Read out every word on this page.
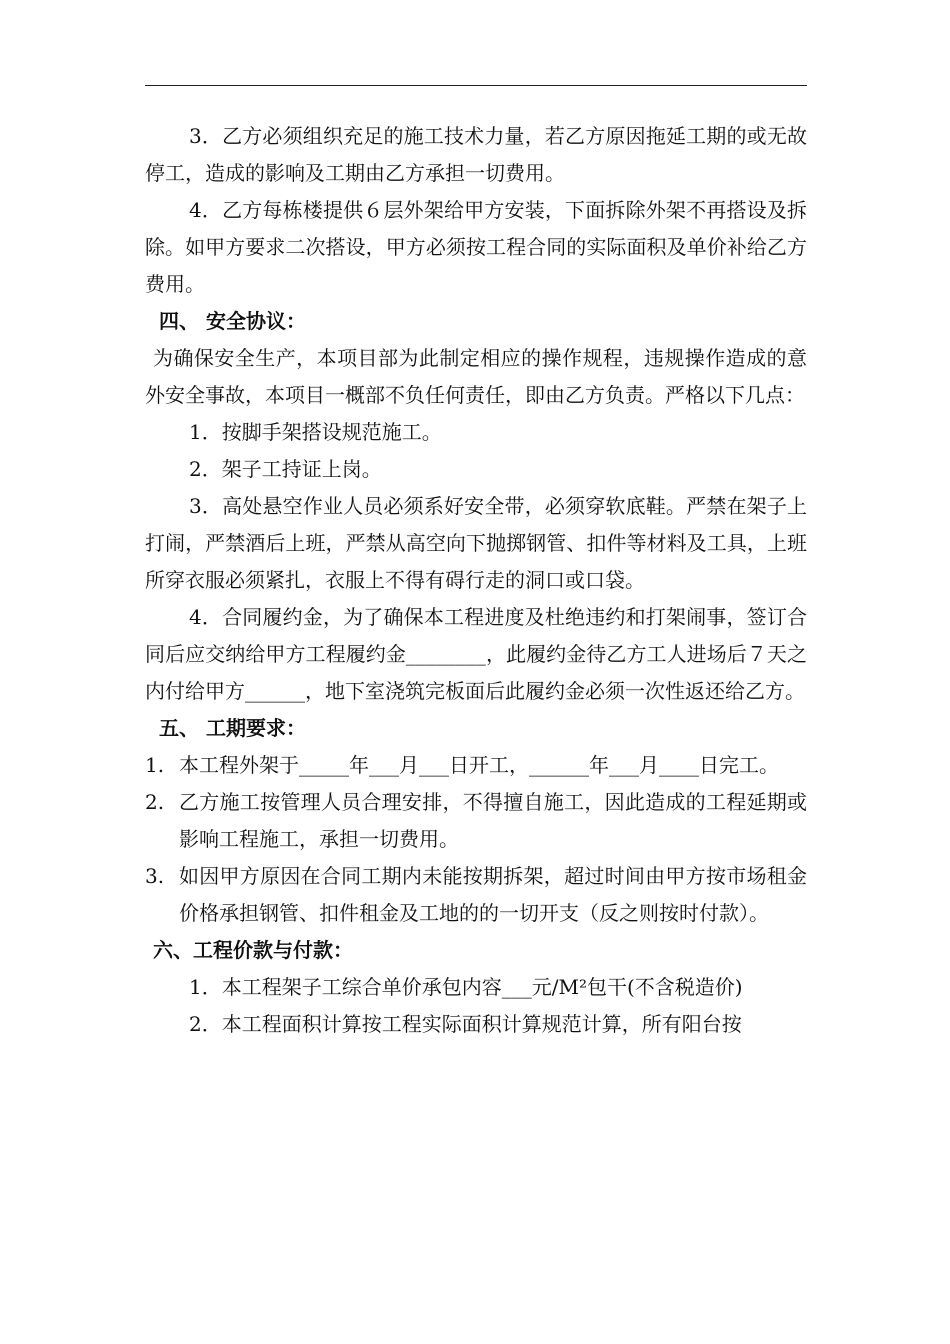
3．乙方必须组织充足的施工技术力量，若乙方原因拖延工期的或无故停工，造成的影响及工期由乙方承担一切费用。

4．乙方每栋楼提供６层外架给甲方安装，下面拆除外架不再搭设及拆除。如甲方要求二次搭设，甲方必须按工程合同的实际面积及单价补给乙方费用。

四、 安全协议：

为确保安全生产，本项目部为此制定相应的操作规程，违规操作造成的意外安全事故，本项目一概部不负任何责任，即由乙方负责。严格以下几点：

1．按脚手架搭设规范施工。

2．架子工持证上岗。

3．高处悬空作业人员必须系好安全带，必须穿软底鞋。严禁在架子上打闹，严禁酒后上班，严禁从高空向下抛掷钢管、扣件等材料及工具，上班所穿衣服必须紧扎，衣服上不得有碍行走的洞口或口袋。

4．合同履约金，为了确保本工程进度及杜绝违约和打架闹事，签订合同后应交纳给甲方工程履约金________，此履约金待乙方工人进场后７天之内付给甲方______，地下室浇筑完板面后此履约金必须一次性返还给乙方。

五、 工期要求：

1. 本工程外架于_____年___月___日开工，______年___月____日完工。
2. 乙方施工按管理人员合理安排，不得擅自施工，因此造成的工程延期或影响工程施工，承担一切费用。
3. 如因甲方原因在合同工期内未能按期拆架，超过时间由甲方按市场租金价格承担钢管、扣件租金及工地的的一切开支（反之则按时付款）。

六、工程价款与付款：

1．本工程架子工综合单价承包内容___元/M²包干(不含税造价)

2．本工程面积计算按工程实际面积计算规范计算，所有阳台按
